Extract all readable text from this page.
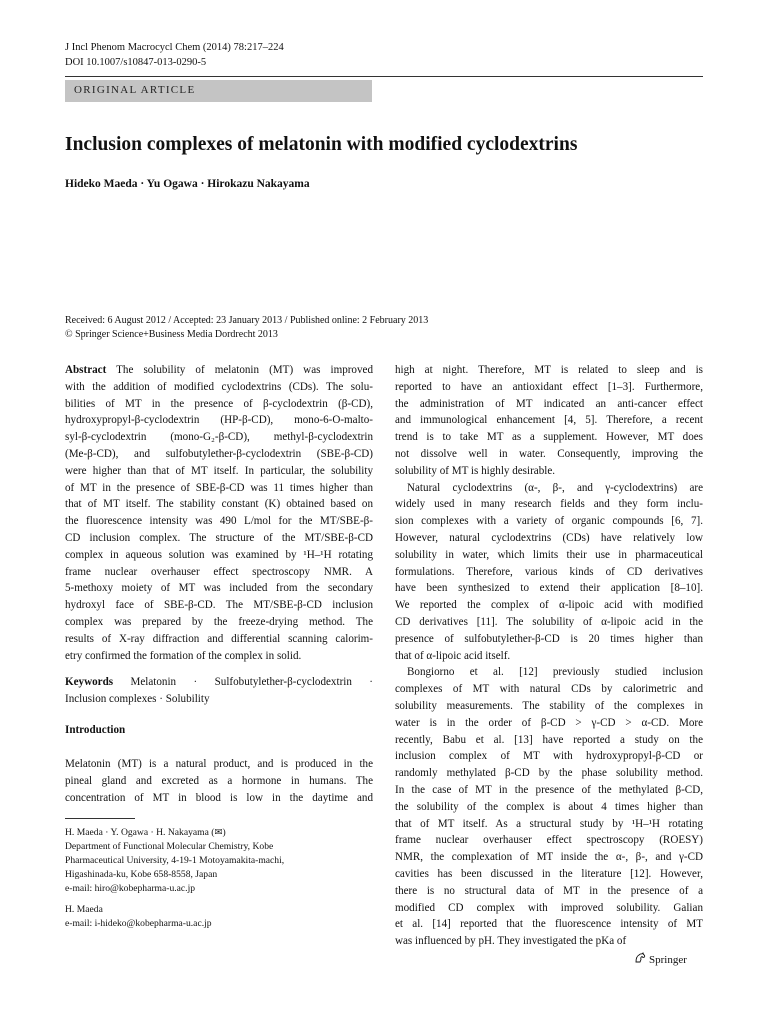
J Incl Phenom Macrocycl Chem (2014) 78:217–224
DOI 10.1007/s10847-013-0290-5
ORIGINAL ARTICLE
Inclusion complexes of melatonin with modified cyclodextrins
Hideko Maeda · Yu Ogawa · Hirokazu Nakayama
Received: 6 August 2012 / Accepted: 23 January 2013 / Published online: 2 February 2013
© Springer Science+Business Media Dordrecht 2013
Abstract The solubility of melatonin (MT) was improved
with the addition of modified cyclodextrins (CDs). The solu-
bilities of MT in the presence of β-cyclodextrin (β-CD),
hydroxypropyl-β-cyclodextrin (HP-β-CD), mono-6-O-malto-
syl-β-cyclodextrin (mono-G₂-β-CD), methyl-β-cyclodextrin
(Me-β-CD), and sulfobutylether-β-cyclodextrin (SBE-β-CD)
were higher than that of MT itself. In particular, the solubility
of MT in the presence of SBE-β-CD was 11 times higher than
that of MT itself. The stability constant (K) obtained based on
the fluorescence intensity was 490 L/mol for the MT/SBE-β-
CD inclusion complex. The structure of the MT/SBE-β-CD
complex in aqueous solution was examined by ¹H–¹H rotating
frame nuclear overhauser effect spectroscopy NMR. A
5-methoxy moiety of MT was included from the secondary
hydroxyl face of SBE-β-CD. The MT/SBE-β-CD inclusion
complex was prepared by the freeze-drying method. The
results of X-ray diffraction and differential scanning calorim-
etry confirmed the formation of the complex in solid.
Keywords Melatonin · Sulfobutylether-β-cyclodextrin ·
Inclusion complexes · Solubility
Introduction
Melatonin (MT) is a natural product, and is produced in the
pineal gland and excreted as a hormone in humans. The
concentration of MT in blood is low in the daytime and
H. Maeda · Y. Ogawa · H. Nakayama (✉)
Department of Functional Molecular Chemistry, Kobe
Pharmaceutical University, 4-19-1 Motoyamakita-machi,
Higashinada-ku, Kobe 658-8558, Japan
e-mail: hiro@kobepharma-u.ac.jp
H. Maeda
e-mail: i-hideko@kobepharma-u.ac.jp
high at night. Therefore, MT is related to sleep and is
reported to have an antioxidant effect [1–3]. Furthermore,
the administration of MT indicated an anti-cancer effect
and immunological enhancement [4, 5]. Therefore, a recent
trend is to take MT as a supplement. However, MT does
not dissolve well in water. Consequently, improving the
solubility of MT is highly desirable.
Natural cyclodextrins (α-, β-, and γ-cyclodextrins) are
widely used in many research fields and they form inclu-
sion complexes with a variety of organic compounds [6, 7].
However, natural cyclodextrins (CDs) have relatively low
solubility in water, which limits their use in pharmaceutical
formulations. Therefore, various kinds of CD derivatives
have been synthesized to extend their application [8–10].
We reported the complex of α-lipoic acid with modified
CD derivatives [11]. The solubility of α-lipoic acid in the
presence of sulfobutylether-β-CD is 20 times higher than
that of α-lipoic acid itself.
Bongiorno et al. [12] previously studied inclusion
complexes of MT with natural CDs by calorimetric and
solubility measurements. The stability of the complexes in
water is in the order of β-CD > γ-CD > α-CD. More
recently, Babu et al. [13] have reported a study on the
inclusion complex of MT with hydroxypropyl-β-CD or
randomly methylated β-CD by the phase solubility method.
In the case of MT in the presence of the methylated β-CD,
the solubility of the complex is about 4 times higher than
that of MT itself. As a structural study by ¹H–¹H rotating
frame nuclear overhauser effect spectroscopy (ROESY)
NMR, the complexation of MT inside the α-, β-, and γ-CD
cavities has been discussed in the literature [12]. However,
there is no structural data of MT in the presence of a
modified CD complex with improved solubility. Galian
et al. [14] reported that the fluorescence intensity of MT
was influenced by pH. They investigated the pKa of
Springer
